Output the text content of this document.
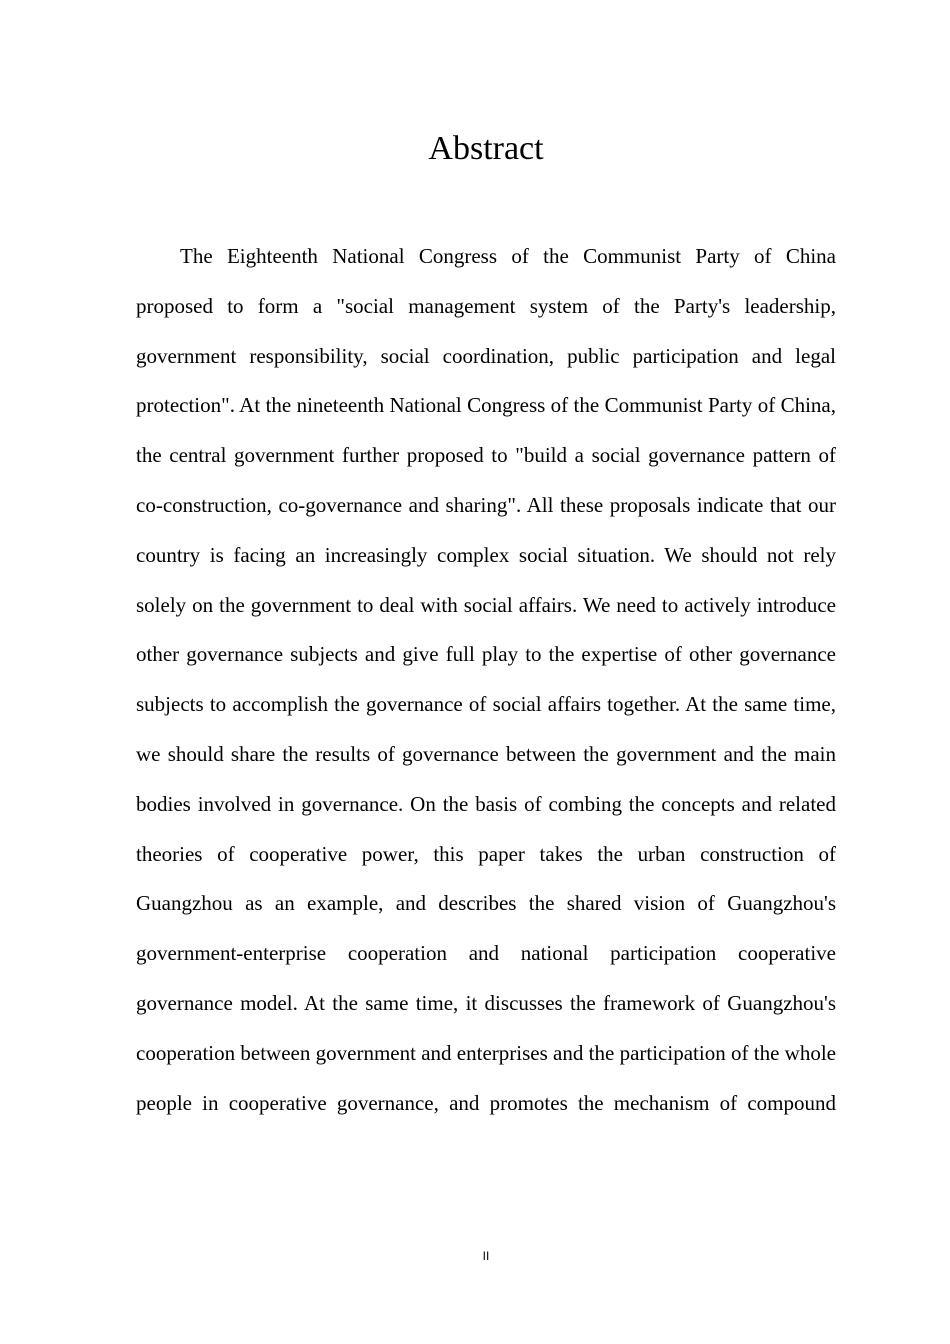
Abstract

The Eighteenth National Congress of the Communist Party of China proposed to form a "social management system of the Party's leadership, government responsibility, social coordination, public participation and legal protection". At the nineteenth National Congress of the Communist Party of China, the central government further proposed to "build a social governance pattern of co-construction, co-governance and sharing". All these proposals indicate that our country is facing an increasingly complex social situation. We should not rely solely on the government to deal with social affairs. We need to actively introduce other governance subjects and give full play to the expertise of other governance subjects to accomplish the governance of social affairs together. At the same time, we should share the results of governance between the government and the main bodies involved in governance. On the basis of combing the concepts and related theories of cooperative power, this paper takes the urban construction of Guangzhou as an example, and describes the shared vision of Guangzhou's government-enterprise cooperation and national participation cooperative governance model. At the same time, it discusses the framework of Guangzhou's cooperation between government and enterprises and the participation of the whole people in cooperative governance, and promotes the mechanism of compound

II
